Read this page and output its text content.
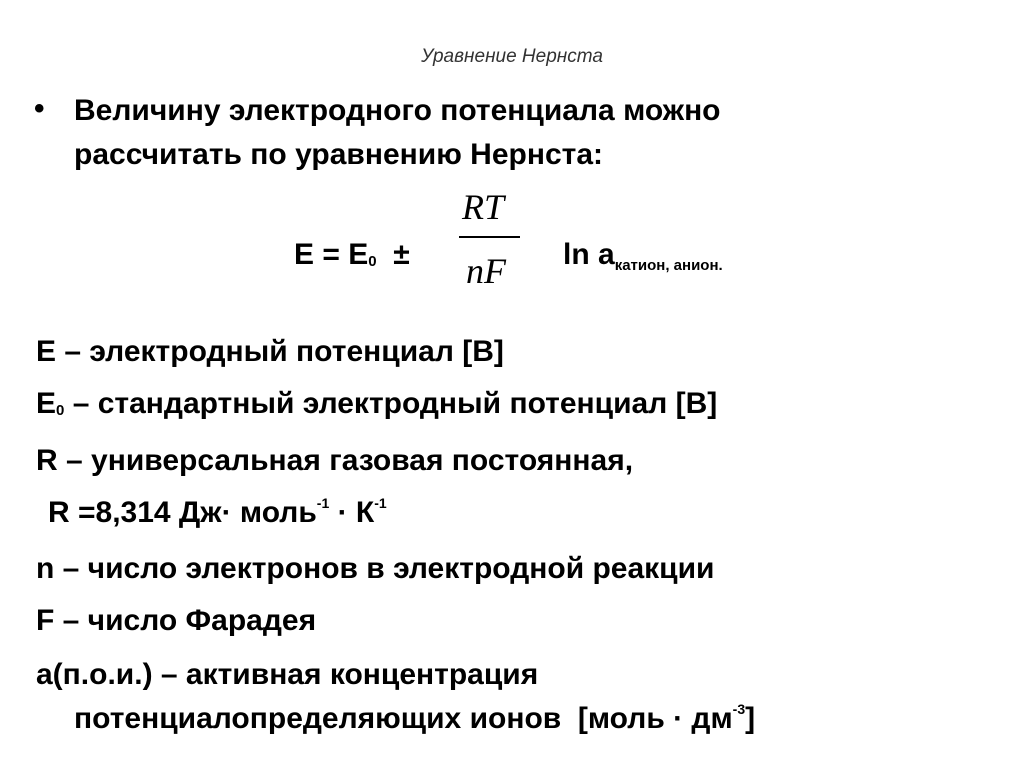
Уравнение Нернста
• Величину электродного потенциала можно
рассчитать по уравнению Нернста:
E = E0  ±
RT
nF $\ln a_{катион, анион.}$
E – электродный потенциал [В]
E0 – стандартный электродный потенциал [В]
R – универсальная газовая постоянная,
R =8,314 Дж· моль$^{-1}$ · $К^{-1}$
n – число электронов в электродной реакции
F – число Фарадея
a(п.о.и.) – активная концентрация
потенциалопределяющих ионов  [моль · $дм^{-3}$]
